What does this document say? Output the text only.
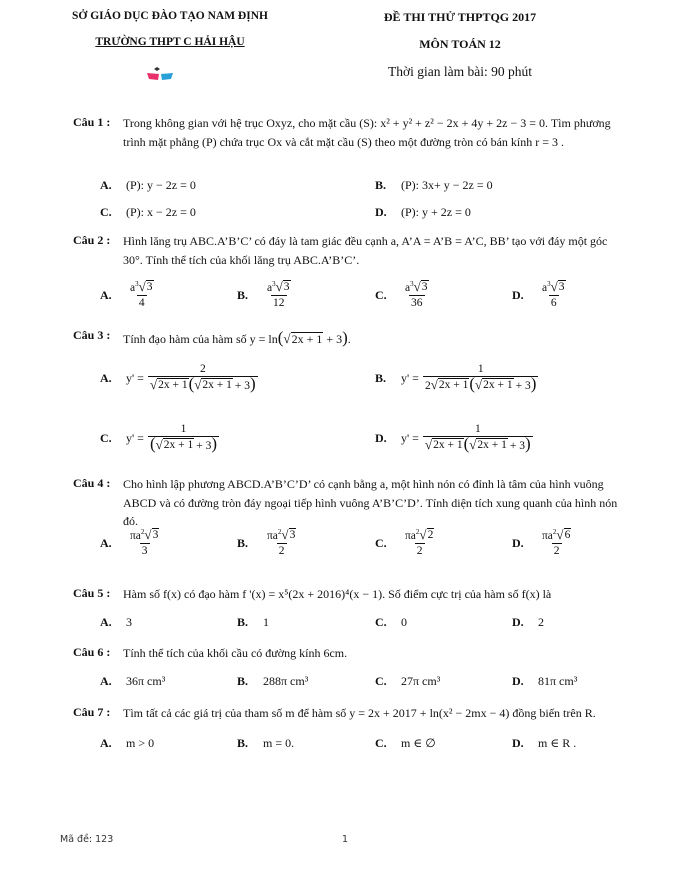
SỞ GIÁO DỤC ĐÀO TẠO NAM ĐỊNH
TRƯỜNG THPT C HẢI HẬU
ĐỀ THI THỬ THPTQG 2017
MÔN TOÁN 12
Thời gian làm bài: 90 phút
Câu 1 : Trong không gian với hệ trục Oxyz, cho mặt cầu (S): x² + y² + z² − 2x + 4y + 2z − 3 = 0. Tìm phương trình mặt phẳng (P) chứa trục Ox và cắt mặt cầu (S) theo một đường tròn có bán kính r = 3 .
A.	(P): y − 2z = 0	B.	(P): 3x+ y − 2z = 0
C.	(P): x − 2z = 0	D.	(P): y + 2z = 0
Câu 2 : Hình lăng trụ ABC.A’B’C’ có đáy là tam giác đều cạnh a, A’A = A’B = A’C, BB’ tạo với đáy một góc 30°. Tính thể tích của khối lăng trụ ABC.A’B’C’.
A.	$\frac{a^3 √ 3}{4}$	B.	$\frac{a^3 √ 3}{12}$	C.	$\frac{a^3 √ 3}{36}$	D.	$\frac{a^3 √ 3}{6}$
Câu 3 : Tính đạo hàm của hàm số y = ln( √ 2x + 1 + 3).
A.	$y' = \frac{2}{√ 2x + 1 ( √ 2x + 1 + 3)}$	B.	$y' = \frac{1}{2 √ 2x + 1 ( √ 2x + 1 + 3)}$
C.	$y' = \frac{1}{( √ 2x + 1 + 3)}$	D.	$y' = \frac{1}{√ 2x + 1 ( √ 2x + 1 + 3)}$
Câu 4 : Cho hình lập phương ABCD.A’B’C’D’ có cạnh bằng a, một hình nón có đỉnh là tâm của hình vuông ABCD và có đường tròn đáy ngoại tiếp hình vuông A’B’C’D’. Tính diện tích xung quanh của hình nón đó.
A.	$\frac{\pi a^2 √ 3}{3}$	B.	$\frac{\pi a^2 √ 3}{2}$	C.	$\frac{\pi a^2 √ 2}{2}$	D.	$\frac{\pi a^2 √ 6}{2}$
Câu 5 : Hàm số f(x) có đạo hàm f '(x) = x⁵(2x + 2016)⁴(x − 1). Số điểm cực trị của hàm số f(x) là
A.	3	B.	1	C.	0	D.	2
Câu 6 : Tính thể tích của khối cầu có đường kính 6cm.
A.	36π cm³	B.	288π cm³	C.	27π cm³	D.	81π cm³
Câu 7 : Tìm tất cả các giá trị của tham số m để hàm số y = 2x + 2017 + ln(x² − 2mx − 4) đồng biến trên R.
A.	m > 0	B.	m = 0.	C.	m ∈ ∅	D.	m ∈ R .
Mã đề: 123	1
